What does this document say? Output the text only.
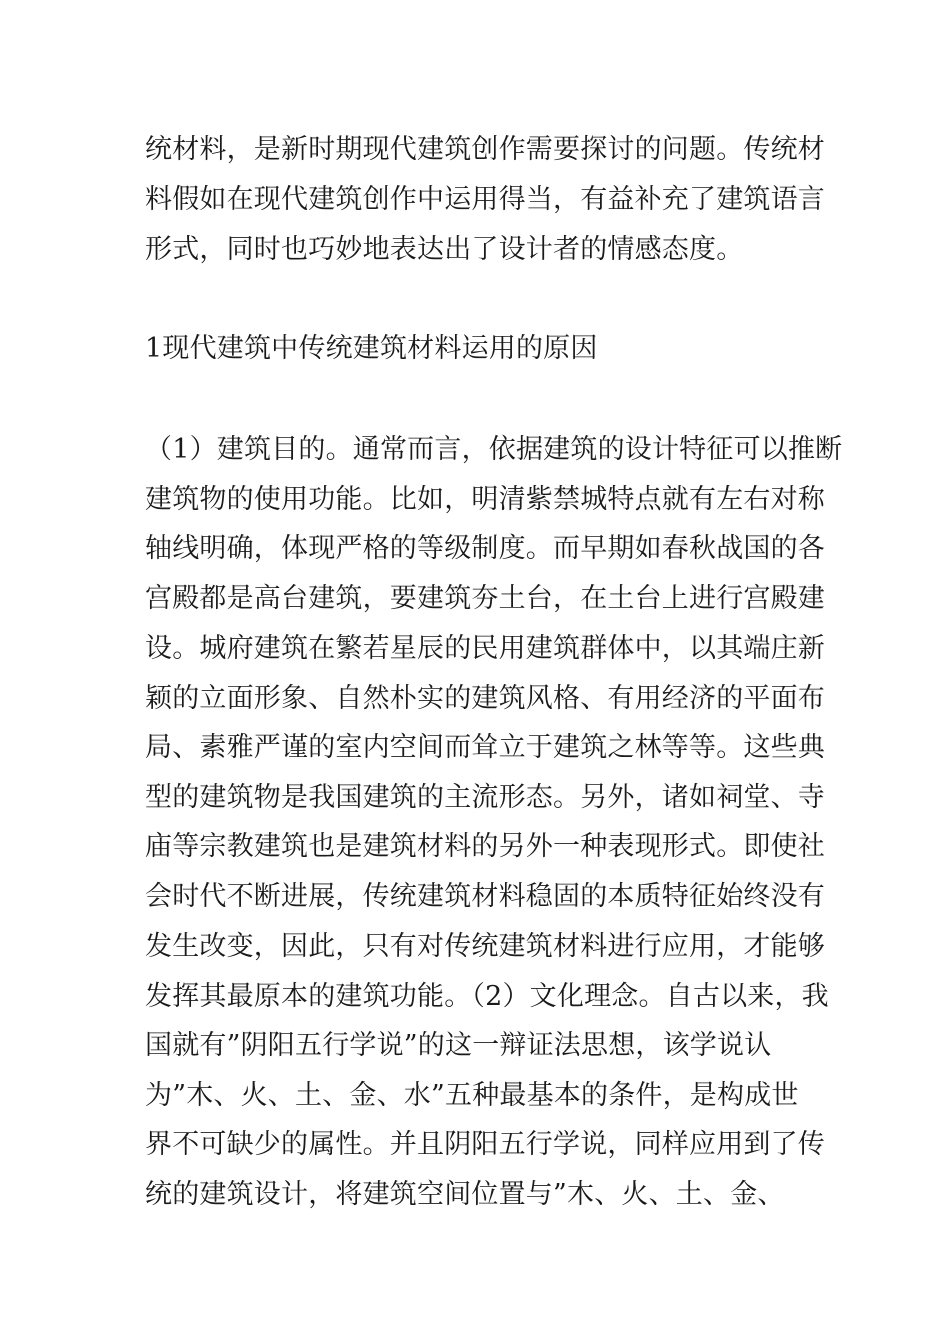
统材料，是新时期现代建筑创作需要探讨的问题。传统材
料假如在现代建筑创作中运用得当，有益补充了建筑语言
形式，同时也巧妙地表达出了设计者的情感态度。
1现代建筑中传统建筑材料运用的原因
（1）建筑目的。通常而言，依据建筑的设计特征可以推断
建筑物的使用功能。比如，明清紫禁城特点就有左右对称
轴线明确，体现严格的等级制度。而早期如春秋战国的各
宫殿都是高台建筑，要建筑夯土台，在土台上进行宫殿建
设。城府建筑在繁若星辰的民用建筑群体中，以其端庄新
颖的立面形象、自然朴实的建筑风格、有用经济的平面布
局、素雅严谨的室内空间而耸立于建筑之林等等。这些典
型的建筑物是我国建筑的主流形态。另外，诸如祠堂、寺
庙等宗教建筑也是建筑材料的另外一种表现形式。即使社
会时代不断进展，传统建筑材料稳固的本质特征始终没有
发生改变，因此，只有对传统建筑材料进行应用，才能够
发挥其最原本的建筑功能。（2）文化理念。自古以来，我
国就有”阴阳五行学说”的这一辩证法思想，该学说认
为”木、火、土、金、水”五种最基本的条件，是构成世
界不可缺少的属性。并且阴阳五行学说，同样应用到了传
统的建筑设计，将建筑空间位置与”木、火、土、金、
